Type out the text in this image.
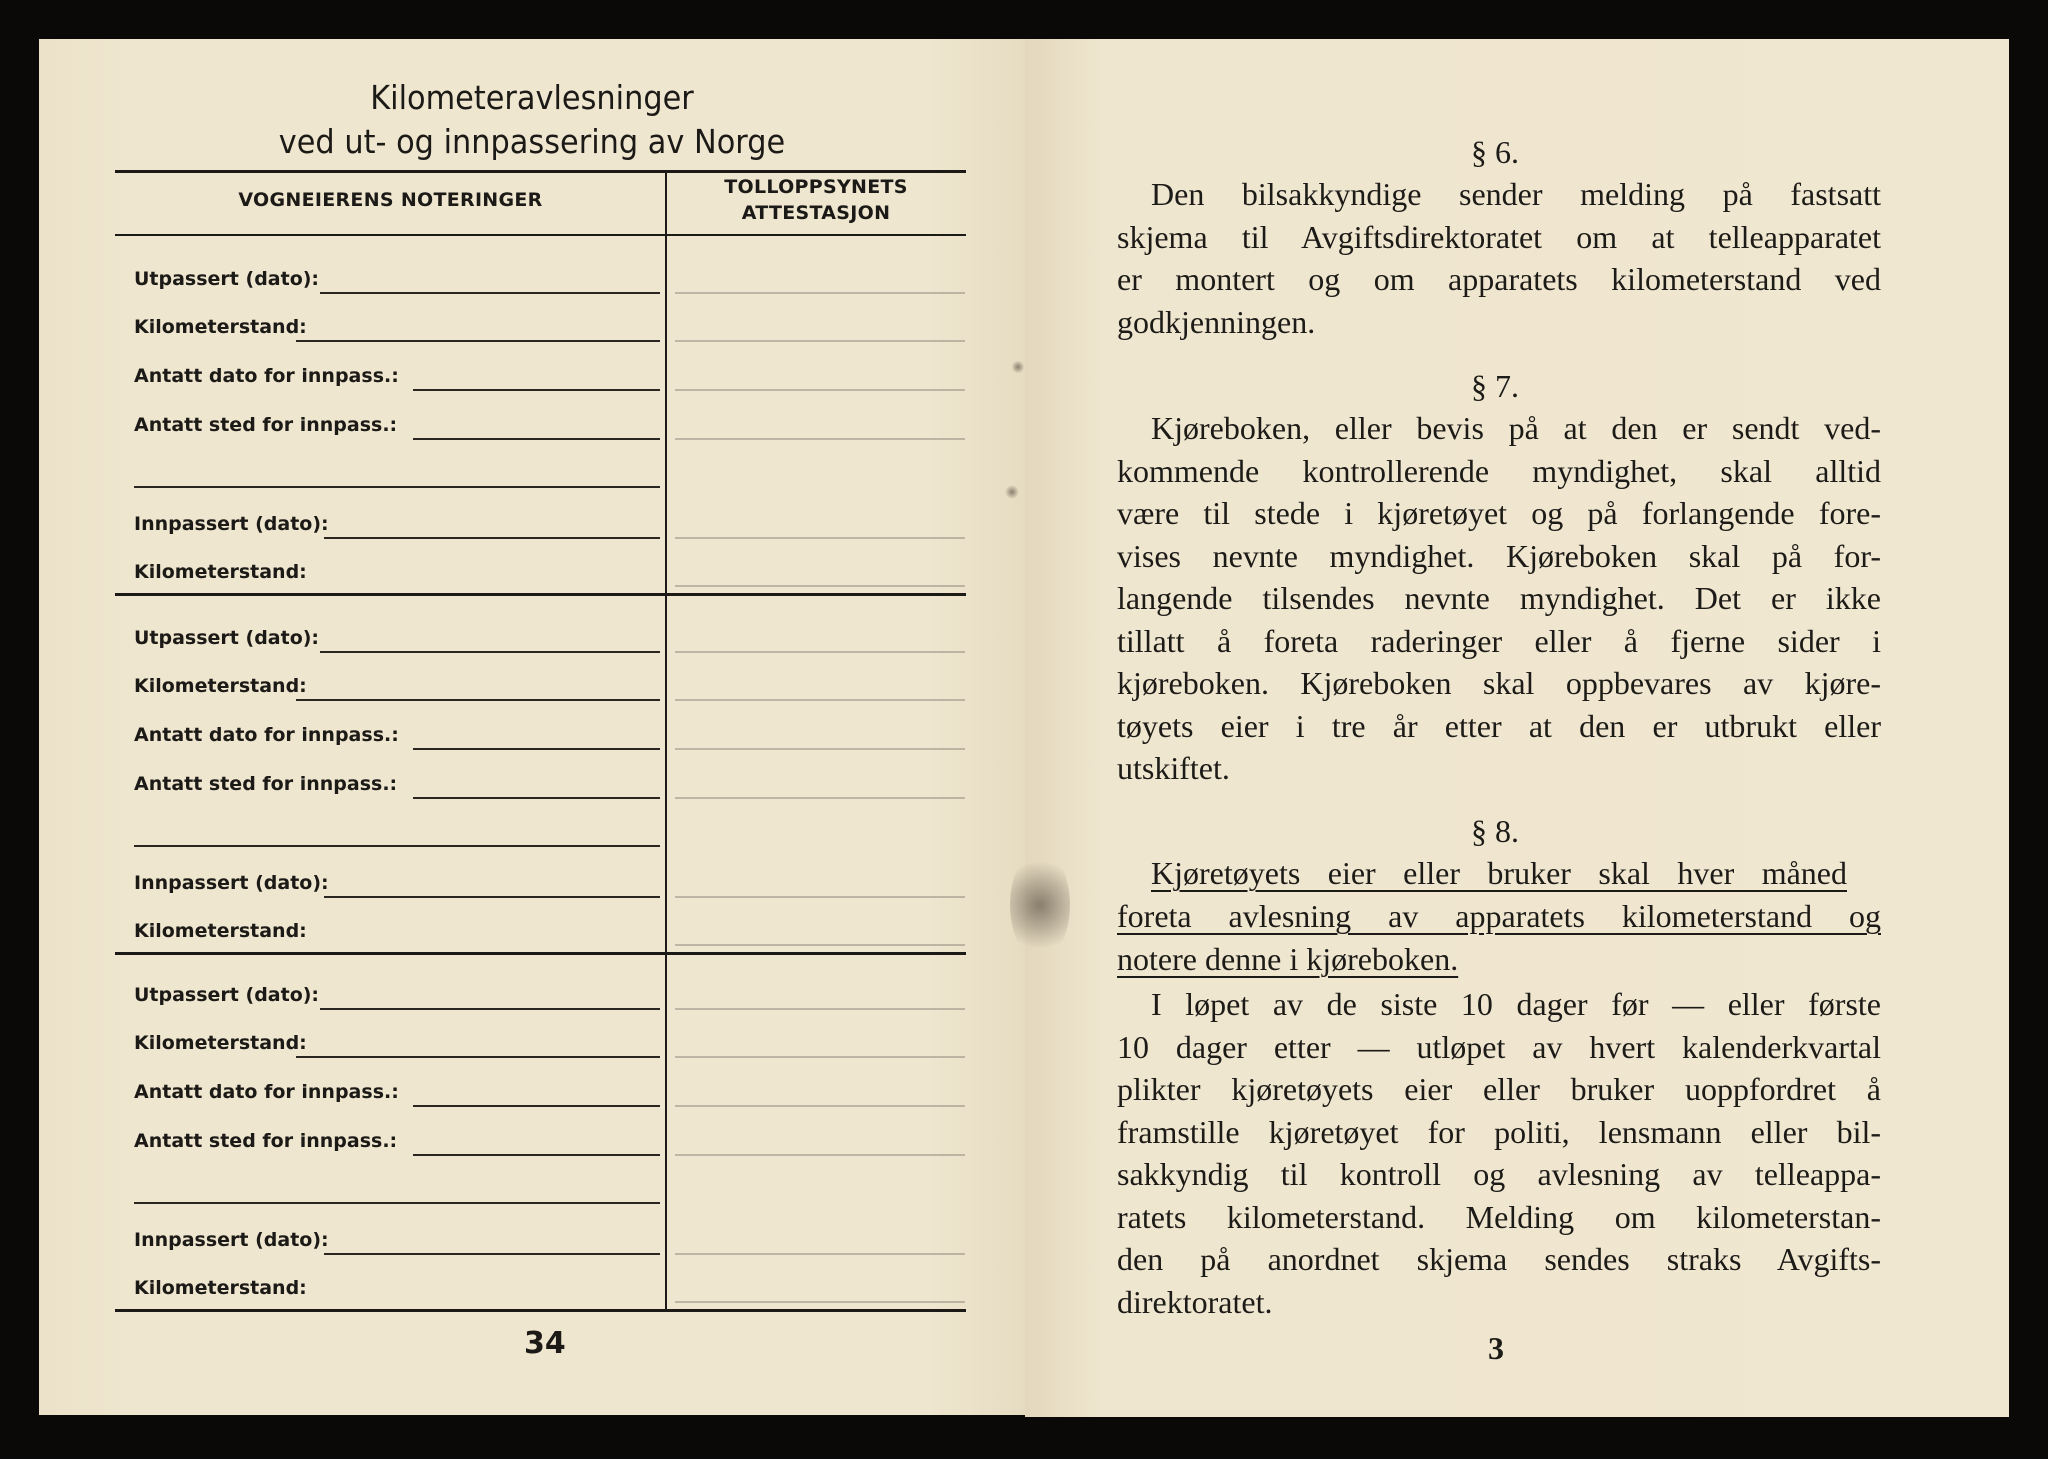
Kilometeravlesninger
ved ut- og innpassering av Norge
VOGNEIERENS NOTERINGER
TOLLOPPSYNETS
ATTESTASJON
Utpassert (dato):
Kilometerstand:
Antatt dato for innpass.:
Antatt sted for innpass.:
Innpassert (dato):
Kilometerstand:
Utpassert (dato):
Kilometerstand:
Antatt dato for innpass.:
Antatt sted for innpass.:
Innpassert (dato):
Kilometerstand:
Utpassert (dato):
Kilometerstand:
Antatt dato for innpass.:
Antatt sted for innpass.:
Innpassert (dato):
Kilometerstand:
34
§ 6.
Den bilsakkyndige sender melding på fastsatt
skjema til Avgiftsdirektoratet om at telleapparatet
er montert og om apparatets kilometerstand ved
godkjenningen.
§ 7.
Kjøreboken, eller bevis på at den er sendt ved-
kommende kontrollerende myndighet, skal alltid
være til stede i kjøretøyet og på forlangende fore-
vises nevnte myndighet. Kjøreboken skal på for-
langende tilsendes nevnte myndighet. Det er ikke
tillatt å foreta raderinger eller å fjerne sider i
kjøreboken. Kjøreboken skal oppbevares av kjøre-
tøyets eier i tre år etter at den er utbrukt eller
utskiftet.
§ 8.
Kjøretøyets eier eller bruker skal hver måned
foreta avlesning av apparatets kilometerstand og
notere denne i kjøreboken.
I løpet av de siste 10 dager før — eller første
10 dager etter — utløpet av hvert kalenderkvartal
plikter kjøretøyets eier eller bruker uoppfordret å
framstille kjøretøyet for politi, lensmann eller bil-
sakkyndig til kontroll og avlesning av telleappa-
ratets kilometerstand. Melding om kilometerstan-
den på anordnet skjema sendes straks Avgifts-
direktoratet.
3
